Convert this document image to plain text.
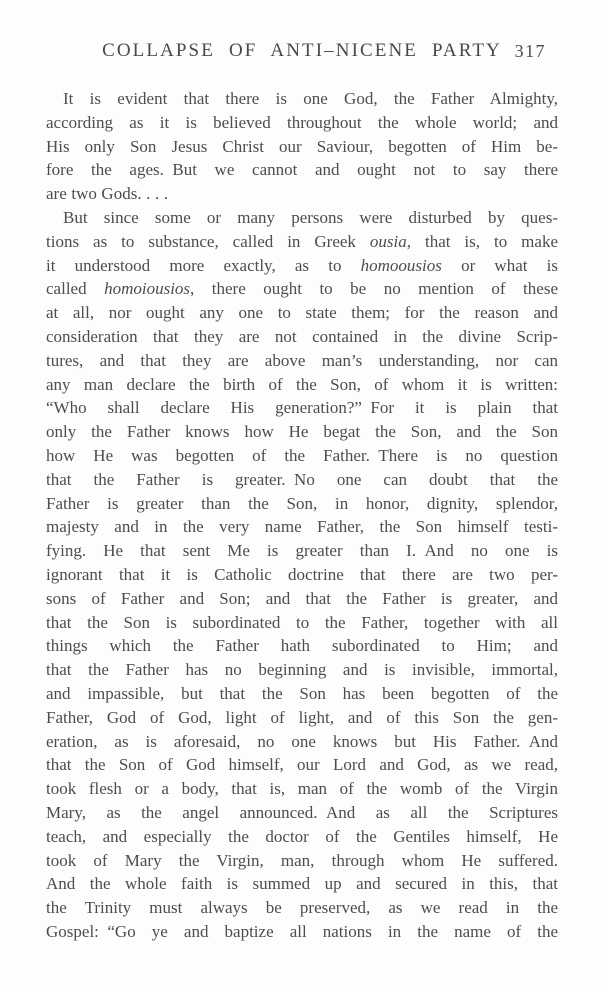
COLLAPSE OF ANTI–NICENE PARTY 317

It is evident that there is one God, the Father Almighty,
according as it is believed throughout the whole world; and
His only Son Jesus Christ our Saviour, begotten of Him be-
fore the ages. But we cannot and ought not to say there
are two Gods. . . .

But since some or many persons were disturbed by ques-
tions as to substance, called in Greek ousia, that is, to make
it understood more exactly, as to homoousios or what is
called homoiousios, there ought to be no mention of these
at all, nor ought any one to state them; for the reason and
consideration that they are not contained in the divine Scrip-
tures, and that they are above man’s understanding, nor can
any man declare the birth of the Son, of whom it is written:
“Who shall declare His generation?” For it is plain that
only the Father knows how He begat the Son, and the Son
how He was begotten of the Father. There is no question
that the Father is greater. No one can doubt that the
Father is greater than the Son, in honor, dignity, splendor,
majesty and in the very name Father, the Son himself testi-
fying. He that sent Me is greater than I. And no one is
ignorant that it is Catholic doctrine that there are two per-
sons of Father and Son; and that the Father is greater, and
that the Son is subordinated to the Father, together with all
things which the Father hath subordinated to Him; and
that the Father has no beginning and is invisible, immortal,
and impassible, but that the Son has been begotten of the
Father, God of God, light of light, and of this Son the gen-
eration, as is aforesaid, no one knows but His Father. And
that the Son of God himself, our Lord and God, as we read,
took flesh or a body, that is, man of the womb of the Virgin
Mary, as the angel announced. And as all the Scriptures
teach, and especially the doctor of the Gentiles himself, He
took of Mary the Virgin, man, through whom He suffered.
And the whole faith is summed up and secured in this, that
the Trinity must always be preserved, as we read in the
Gospel: “Go ye and baptize all nations in the name of the
